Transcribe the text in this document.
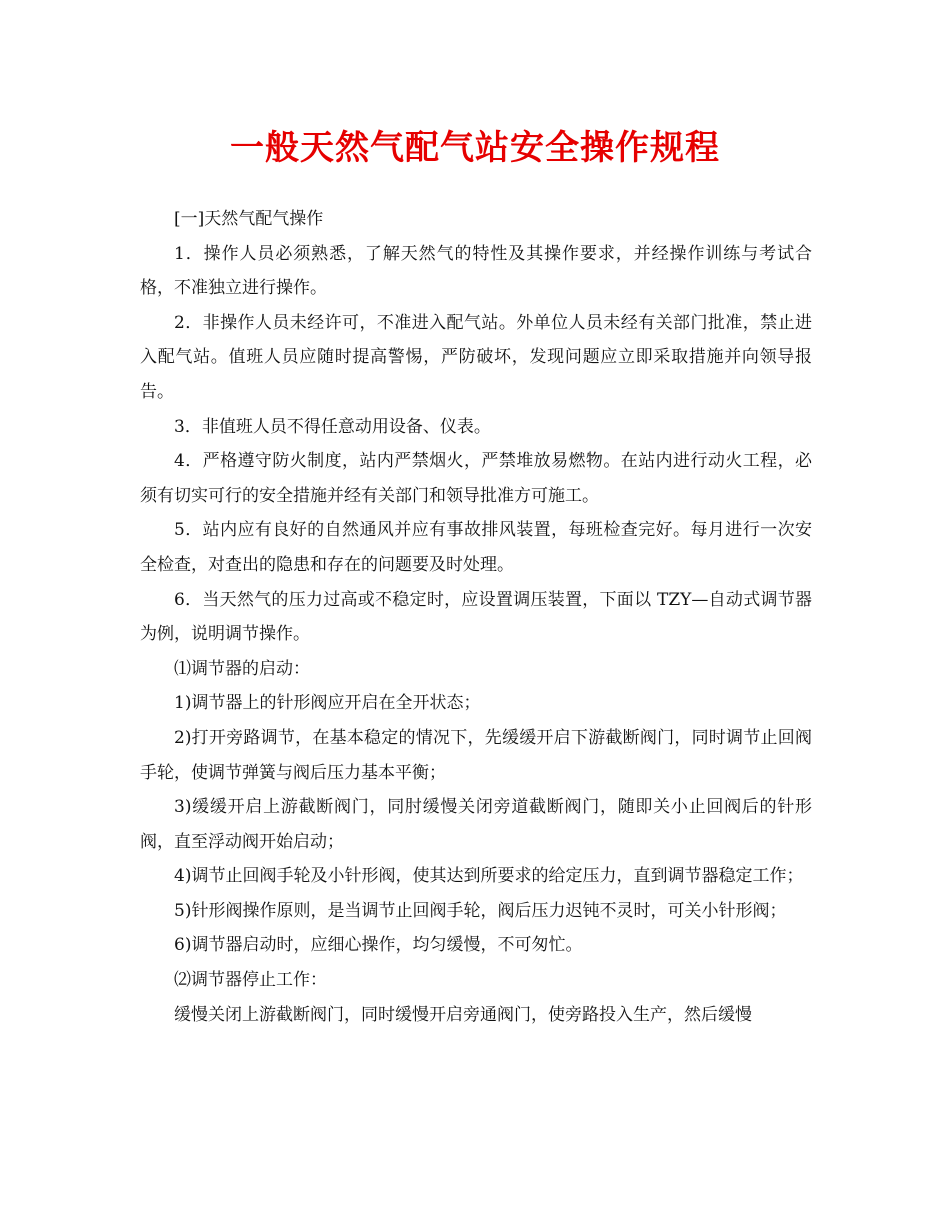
一般天然气配气站安全操作规程

[一]天然气配气操作

1．操作人员必须熟悉，了解天然气的特性及其操作要求，并经操作训练与考试合格，不准独立进行操作。

2．非操作人员未经许可，不准进入配气站。外单位人员未经有关部门批准，禁止进入配气站。值班人员应随时提高警惕，严防破坏，发现问题应立即采取措施并向领导报告。

3．非值班人员不得任意动用设备、仪表。

4．严格遵守防火制度，站内严禁烟火，严禁堆放易燃物。在站内进行动火工程，必须有切实可行的安全措施并经有关部门和领导批准方可施工。

5．站内应有良好的自然通风并应有事故排风装置，每班检查完好。每月进行一次安全检查，对查出的隐患和存在的问题要及时处理。

6．当天然气的压力过高或不稳定时，应设置调压装置，下面以 TZY—自动式调节器为例，说明调节操作。

⑴调节器的启动：

1)调节器上的针形阀应开启在全开状态；

2)打开旁路调节，在基本稳定的情况下，先缓缓开启下游截断阀门，同时调节止回阀手轮，使调节弹簧与阀后压力基本平衡；

3)缓缓开启上游截断阀门，同肘缓慢关闭旁道截断阀门，随即关小止回阀后的针形阀，直至浮动阀开始启动；

4)调节止回阀手轮及小针形阀，使其达到所要求的给定压力，直到调节器稳定工作；

5)针形阀操作原则，是当调节止回阀手轮，阀后压力迟钝不灵时，可关小针形阀；

6)调节器启动时，应细心操作，均匀缓慢，不可匆忙。

⑵调节器停止工作：

缓慢关闭上游截断阀门，同时缓慢开启旁通阀门，使旁路投入生产，然后缓慢
